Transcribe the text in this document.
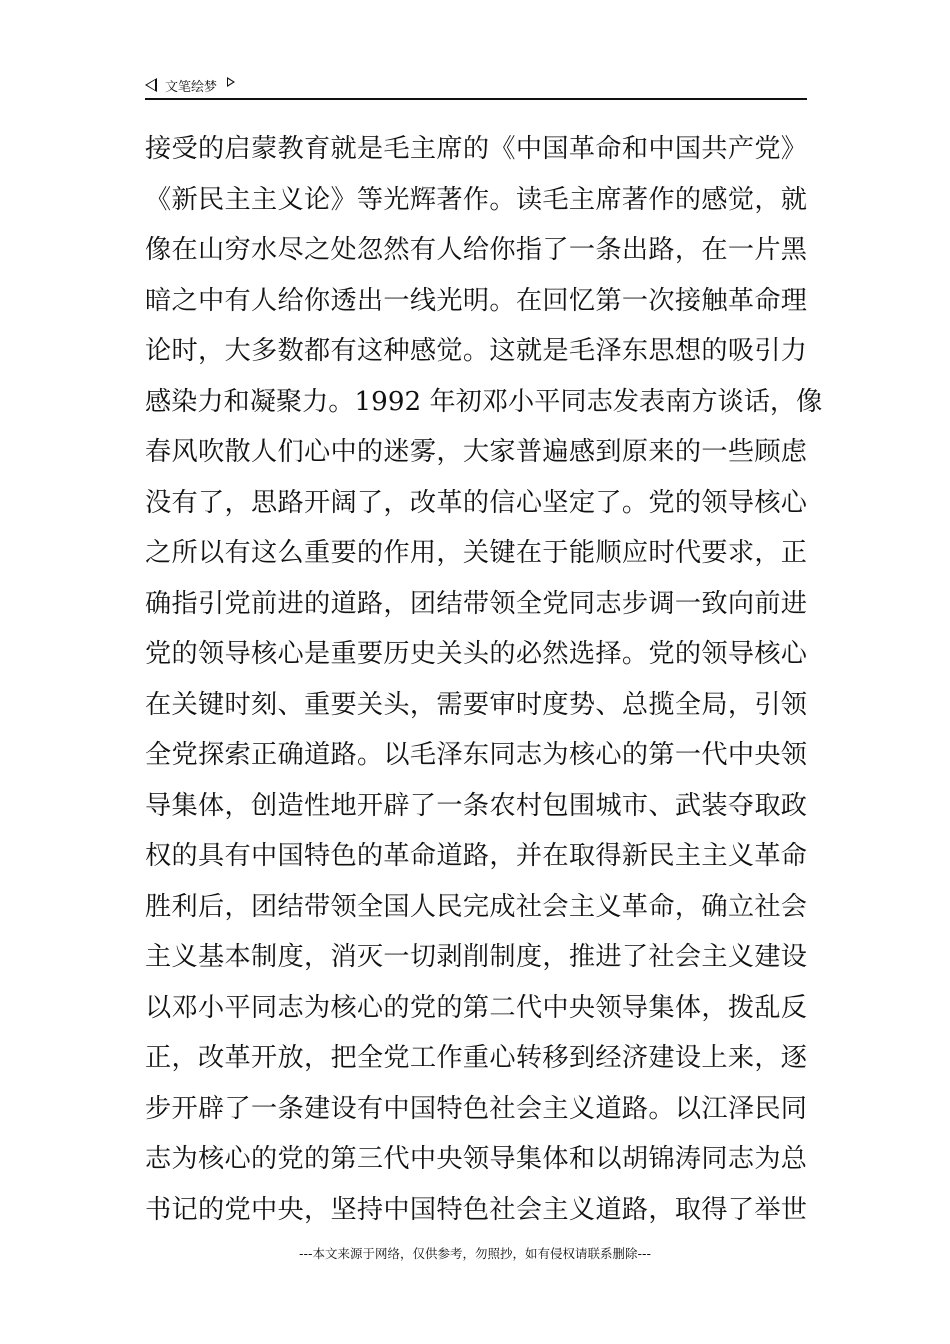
文笔绘梦
接受的启蒙教育就是毛主席的《中国革命和中国共产党》
《新民主主义论》等光辉著作。读毛主席著作的感觉，就
像在山穷水尽之处忽然有人给你指了一条出路，在一片黑
暗之中有人给你透出一线光明。在回忆第一次接触革命理
论时，大多数都有这种感觉。这就是毛泽东思想的吸引力
感染力和凝聚力。1992 年初邓小平同志发表南方谈话，像
春风吹散人们心中的迷雾，大家普遍感到原来的一些顾虑
没有了，思路开阔了，改革的信心坚定了。党的领导核心
之所以有这么重要的作用，关键在于能顺应时代要求，正
确指引党前进的道路，团结带领全党同志步调一致向前进
党的领导核心是重要历史关头的必然选择。党的领导核心
在关键时刻、重要关头，需要审时度势、总揽全局，引领
全党探索正确道路。以毛泽东同志为核心的第一代中央领
导集体，创造性地开辟了一条农村包围城市、武装夺取政
权的具有中国特色的革命道路，并在取得新民主主义革命
胜利后，团结带领全国人民完成社会主义革命，确立社会
主义基本制度，消灭一切剥削制度，推进了社会主义建设
以邓小平同志为核心的党的第二代中央领导集体，拨乱反
正，改革开放，把全党工作重心转移到经济建设上来，逐
步开辟了一条建设有中国特色社会主义道路。以江泽民同
志为核心的党的第三代中央领导集体和以胡锦涛同志为总
书记的党中央，坚持中国特色社会主义道路，取得了举世
---本文来源于网络，仅供参考，勿照抄，如有侵权请联系删除---
